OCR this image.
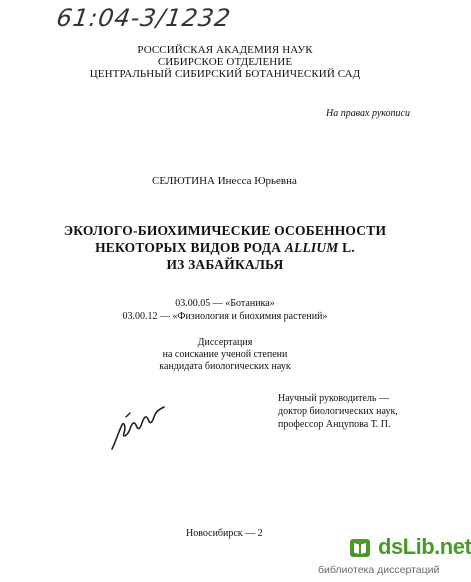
61:04-3/1232
РОССИЙСКАЯ АКАДЕМИЯ НАУК
СИБИРСКОЕ ОТДЕЛЕНИЕ
ЦЕНТРАЛЬНЫЙ СИБИРСКИЙ БОТАНИЧЕСКИЙ САД
На правах рукописи
СЕЛЮТИНА Инесса Юрьевна
ЭКОЛОГО-БИОХИМИЧЕСКИЕ ОСОБЕННОСТИ
НЕКОТОРЫХ ВИДОВ РОДА ALLIUM L.
ИЗ ЗАБАЙКАЛЬЯ
03.00.05 — «Ботаника»
03.00.12 — «Физиология и биохимия растений»
Диссертация
на соискание ученой степени
кандидата биологических наук
Научный руководитель —
доктор биологических наук,
профессор Анцупова Т. П.
Новосибирск — 2
dsLib.net
библиотека диссертаций
